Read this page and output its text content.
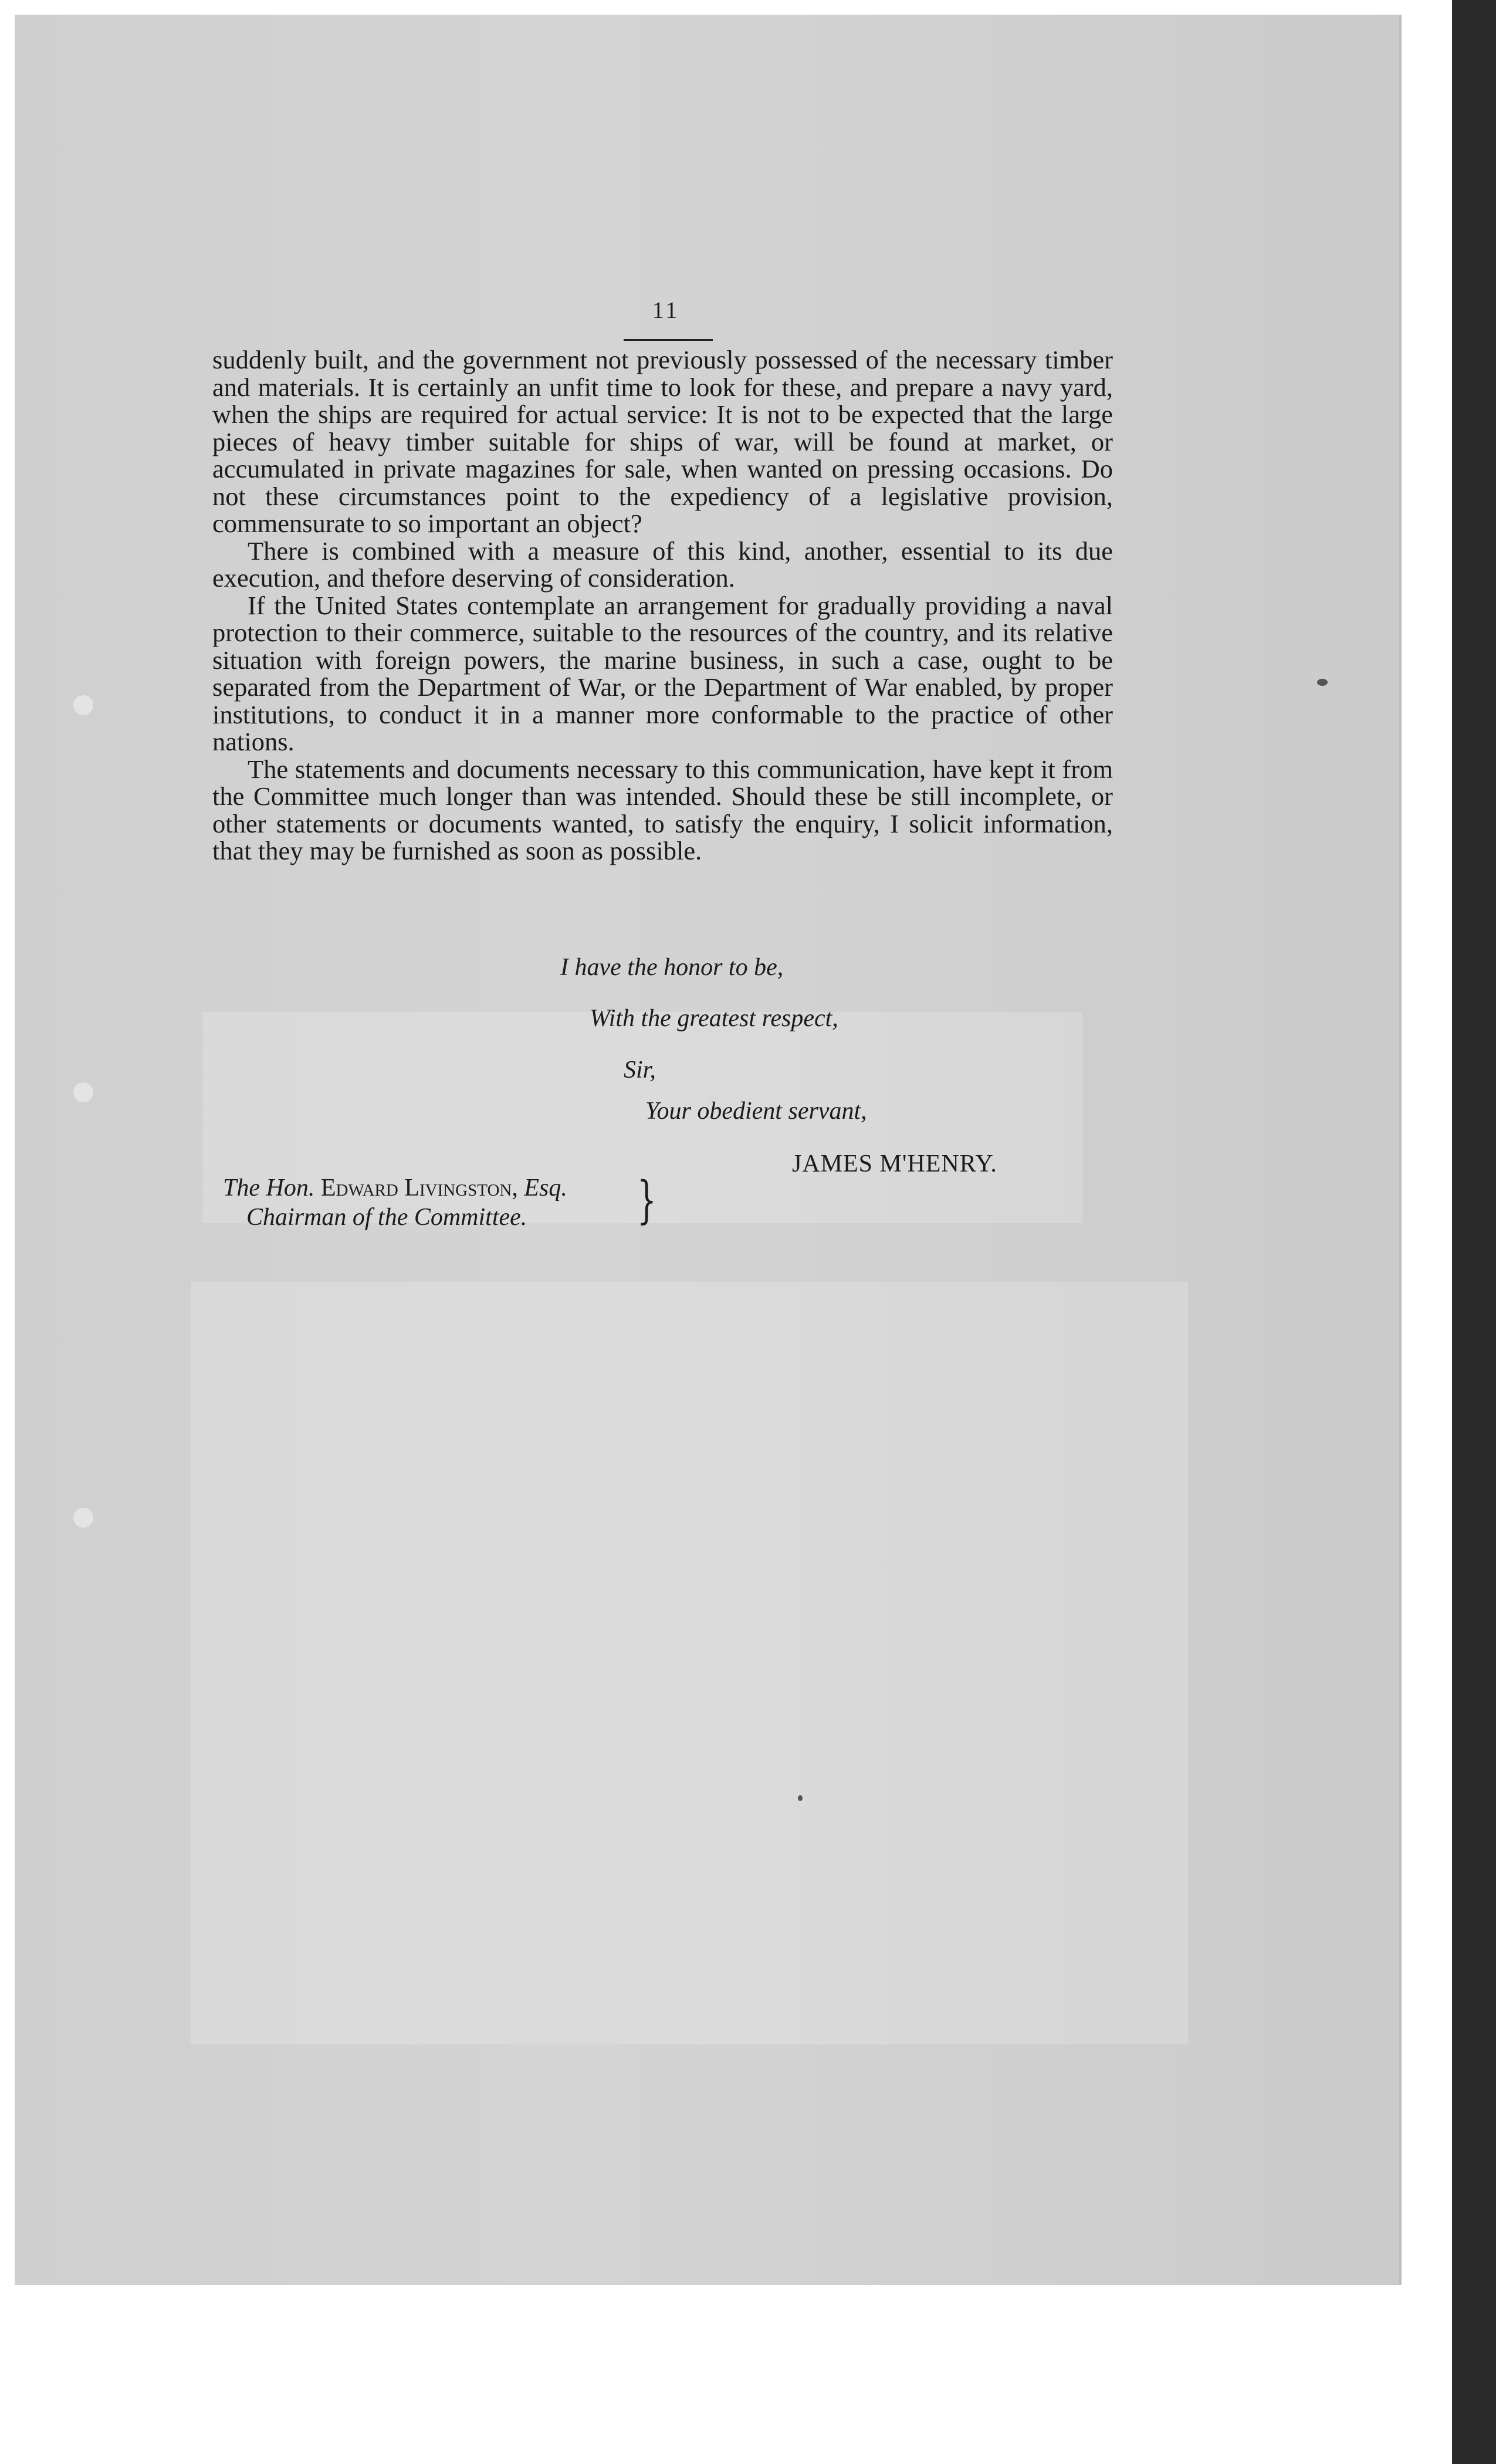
11

suddenly built, and the government not previously possessed of the necessary timber and materials. It is certainly an unfit time to look for these, and prepare a navy yard, when the ships are required for actual service: It is not to be expected that the large pieces of heavy timber suitable for ships of war, will be found at market, or accumulated in private magazines for sale, when wanted on pressing occasions. Do not these circumstances point to the expediency of a legislative provision, commensurate to so important an object?

There is combined with a measure of this kind, another, essential to its due execution, and thefore deserving of consideration.

If the United States contemplate an arrangement for gradually providing a naval protection to their commerce, suitable to the resources of the country, and its relative situation with foreign powers, the marine business, in such a case, ought to be separated from the Department of War, or the Department of War enabled, by proper institutions, to conduct it in a manner more conformable to the practice of other nations.

The statements and documents necessary to this communication, have kept it from the Committee much longer than was intended. Should these be still incomplete, or other statements or documents wanted, to satisfy the enquiry, I solicit information, that they may be furnished as soon as possible.

I have the honor to be,
With the greatest respect,
Sir,
Your obedient servant,
JAMES M'HENRY.
The Hon. Edward Livingston, Esq.
Chairman of the Committee.	}
